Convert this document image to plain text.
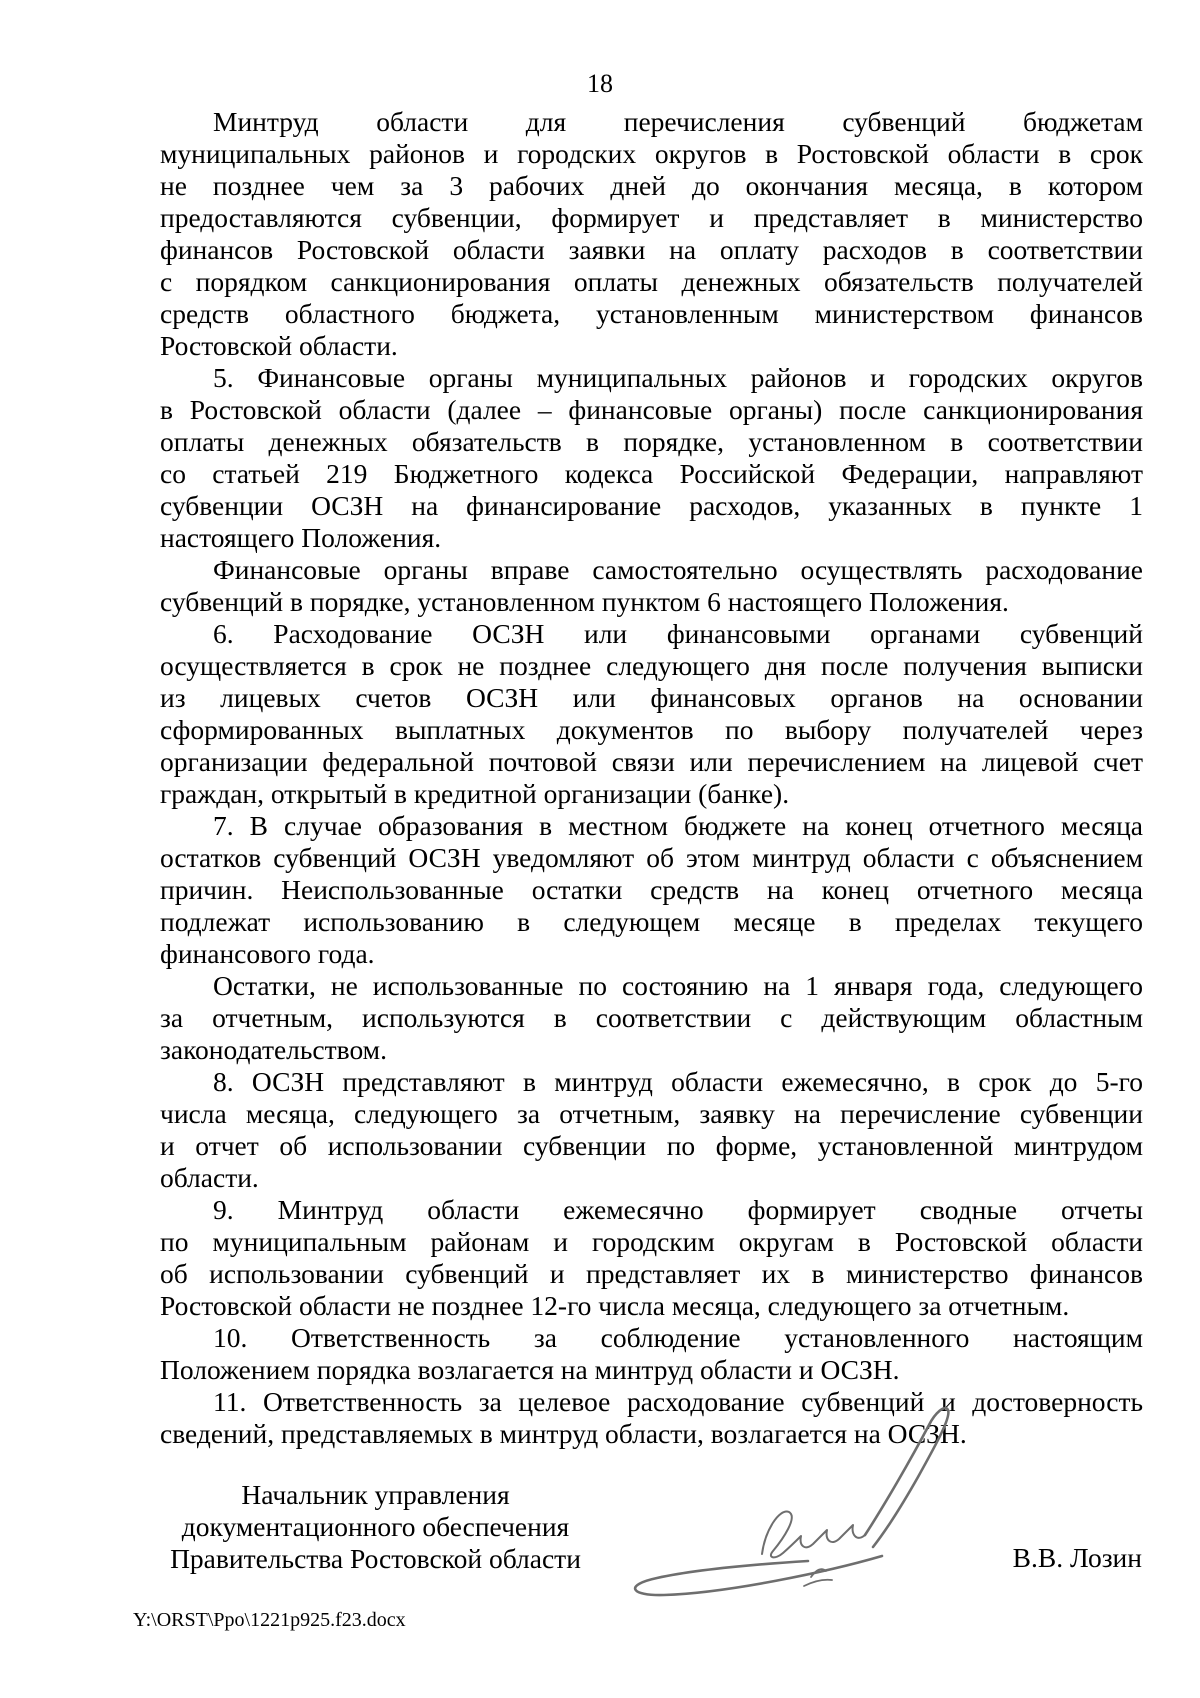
18
Минтруд области для перечисления субвенций бюджетам
муниципальных районов и городских округов в Ростовской области в срок
не позднее чем за 3 рабочих дней до окончания месяца, в котором
предоставляются субвенции, формирует и представляет в министерство
финансов Ростовской области заявки на оплату расходов в соответствии
с порядком санкционирования оплаты денежных обязательств получателей
средств областного бюджета, установленным министерством финансов
Ростовской области.
5. Финансовые органы муниципальных районов и городских округов
в Ростовской области (далее – финансовые органы) после санкционирования
оплаты денежных обязательств в порядке, установленном в соответствии
со статьей 219 Бюджетного кодекса Российской Федерации, направляют
субвенции ОСЗН на финансирование расходов, указанных в пункте 1
настоящего Положения.
Финансовые органы вправе самостоятельно осуществлять расходование
субвенций в порядке, установленном пунктом 6 настоящего Положения.
6. Расходование ОСЗН или финансовыми органами субвенций
осуществляется в срок не позднее следующего дня после получения выписки
из лицевых счетов ОСЗН или финансовых органов на основании
сформированных выплатных документов по выбору получателей через
организации федеральной почтовой связи или перечислением на лицевой счет
граждан, открытый в кредитной организации (банке).
7. В случае образования в местном бюджете на конец отчетного месяца
остатков субвенций ОСЗН уведомляют об этом минтруд области с объяснением
причин. Неиспользованные остатки средств на конец отчетного месяца
подлежат использованию в следующем месяце в пределах текущего
финансового года.
Остатки, не использованные по состоянию на 1 января года, следующего
за отчетным, используются в соответствии с действующим областным
законодательством.
8. ОСЗН представляют в минтруд области ежемесячно, в срок до 5-го
числа месяца, следующего за отчетным, заявку на перечисление субвенции
и отчет об использовании субвенции по форме, установленной минтрудом
области.
9. Минтруд области ежемесячно формирует сводные отчеты
по муниципальным районам и городским округам в Ростовской области
об использовании субвенций и представляет их в министерство финансов
Ростовской области не позднее 12-го числа месяца, следующего за отчетным.
10. Ответственность за соблюдение установленного настоящим
Положением порядка возлагается на минтруд области и ОСЗН.
11. Ответственность за целевое расходование субвенций и достоверность
сведений, представляемых в минтруд области, возлагается на ОСЗН.
Начальник управления
документационного обеспечения
Правительства Ростовской области	В.В. Лозин
Y:\ORST\Ppo\1221p925.f23.docx
